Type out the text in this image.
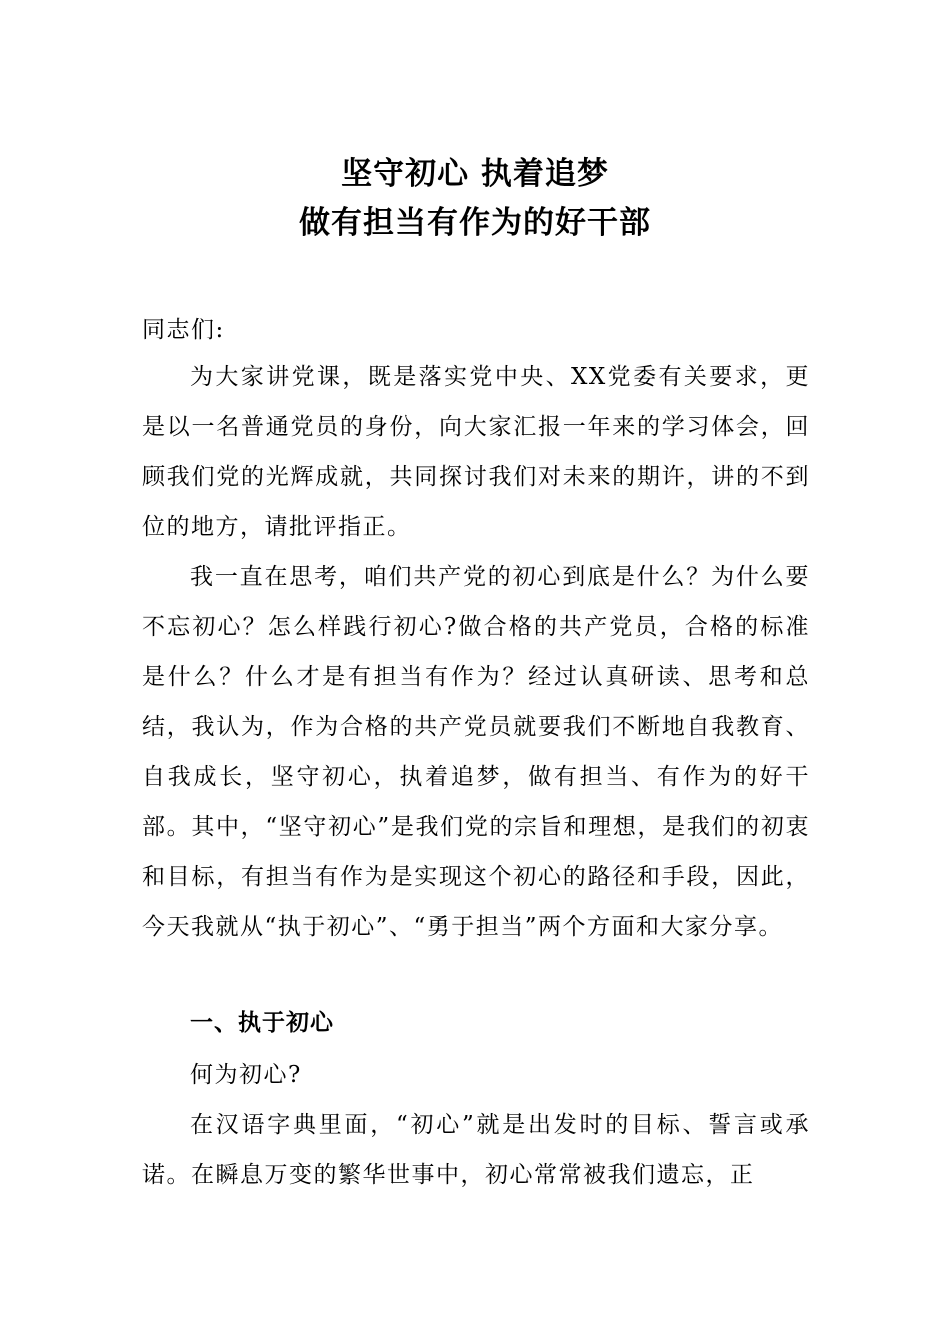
坚守初心 执着追梦
做有担当有作为的好干部
同志们:
为大家讲党课，既是落实党中央、XX党委有关要求，更是以一名普通党员的身份，向大家汇报一年来的学习体会，回顾我们党的光辉成就，共同探讨我们对未来的期许，讲的不到位的地方，请批评指正。
我一直在思考，咱们共产党的初心到底是什么？为什么要不忘初心？怎么样践行初心?做合格的共产党员，合格的标准是什么？什么才是有担当有作为？经过认真研读、思考和总结，我认为，作为合格的共产党员就要我们不断地自我教育、自我成长，坚守初心，执着追梦，做有担当、有作为的好干部。其中，“坚守初心”是我们党的宗旨和理想，是我们的初衷和目标，有担当有作为是实现这个初心的路径和手段，因此，今天我就从“执于初心”、“勇于担当”两个方面和大家分享。
一、执于初心
何为初心?
在汉语字典里面，“初心”就是出发时的目标、誓言或承诺。在瞬息万变的繁华世事中，初心常常被我们遗忘，正
